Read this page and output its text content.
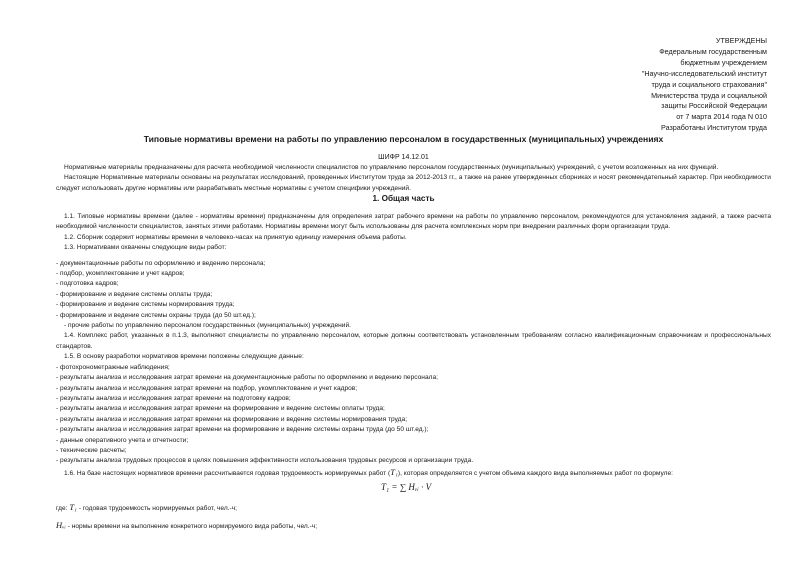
УТВЕРЖДЕНЫ
Федеральным государственным
бюджетным учреждением
"Научно-исследовательский институт
труда и социального страхования"
Министерства труда и социальной
защиты Российской Федерации
от 7 марта 2014 года N 010
Разработаны Институтом труда
Типовые нормативы времени на работы по управлению персоналом в государственных (муниципальных) учреждениях
ШИФР 14.12.01

Нормативные материалы предназначены для расчета необходимой численности специалистов по управлению персоналом государственных (муниципальных) учреждений, с учетом возложенных на них функций.

Настоящие Нормативные материалы основаны на результатах исследований, проведенных Институтом труда за 2012-2013 гг., а также на ранее утвержденных сборниках и носят рекомендательный характер. При необходимости следует использовать другие нормативы или разрабатывать местные нормативы с учетом специфики учреждений.

1. Общая часть

1.1. Типовые нормативы времени (далее - нормативы времени) предназначены для определения затрат рабочего времени на работы по управлению персоналом, рекомендуются для установления заданий, а также расчета необходимой численности специалистов, занятых этими работами. Нормативы времени могут быть использованы для расчета комплексных норм при внедрении различных форм организации труда.

1.2. Сборник содержит нормативы времени в человеко-часах на принятую единицу измерения объема работы.

1.3. Нормативами охвачены следующие виды работ:

- документационные работы по оформлению и ведению персонала;

- подбор, укомплектование и учет кадров;

- подготовка кадров;

- формирование и ведение системы оплаты труда;

- формирование и ведение системы нормирования труда;

- формирование и ведение системы охраны труда (до 50 шт.ед.);

- прочие работы по управлению персоналом государственных (муниципальных) учреждений.

1.4. Комплекс работ, указанных в п.1.3, выполняют специалисты по управлению персоналом, которые должны соответствовать установленным требованиям согласно квалификационным справочникам и профессиональных стандартов.

1.5. В основу разработки нормативов времени положены следующие данные:

- фотохронометражные наблюдения;

- результаты анализа и исследования затрат времени на документационные работы по оформлению и ведению персонала;

- результаты анализа и исследования затрат времени на подбор, укомплектование и учет кадров;

- результаты анализа и исследования затрат времени на подготовку кадров;

- результаты анализа и исследования затрат времени на формирование и ведение системы оплаты труда;

- результаты анализа и исследования затрат времени на формирование и ведение системы нормирования труда;

- результаты анализа и исследования затрат времени на формирование и ведение системы охраны труда (до 50 шт.ед.);

- данные оперативного учета и отчетности;

- технические расчеты;

- результаты анализа трудовых процессов в целях повышения эффективности использования трудовых ресурсов и организации труда.

1.6. На базе настоящих нормативов времени рассчитывается годовая трудоемкость нормируемых работ (T₁), которая определяется с учетом объема каждого вида выполняемых работ по формуле:

T₁ = ∑ Hᵥᵢ · V

где: T₁ - годовая трудоемкость нормируемых работ, чел.-ч;

Hᵥᵢ - нормы времени на выполнение конкретного нормируемого вида работы, чел.-ч;
